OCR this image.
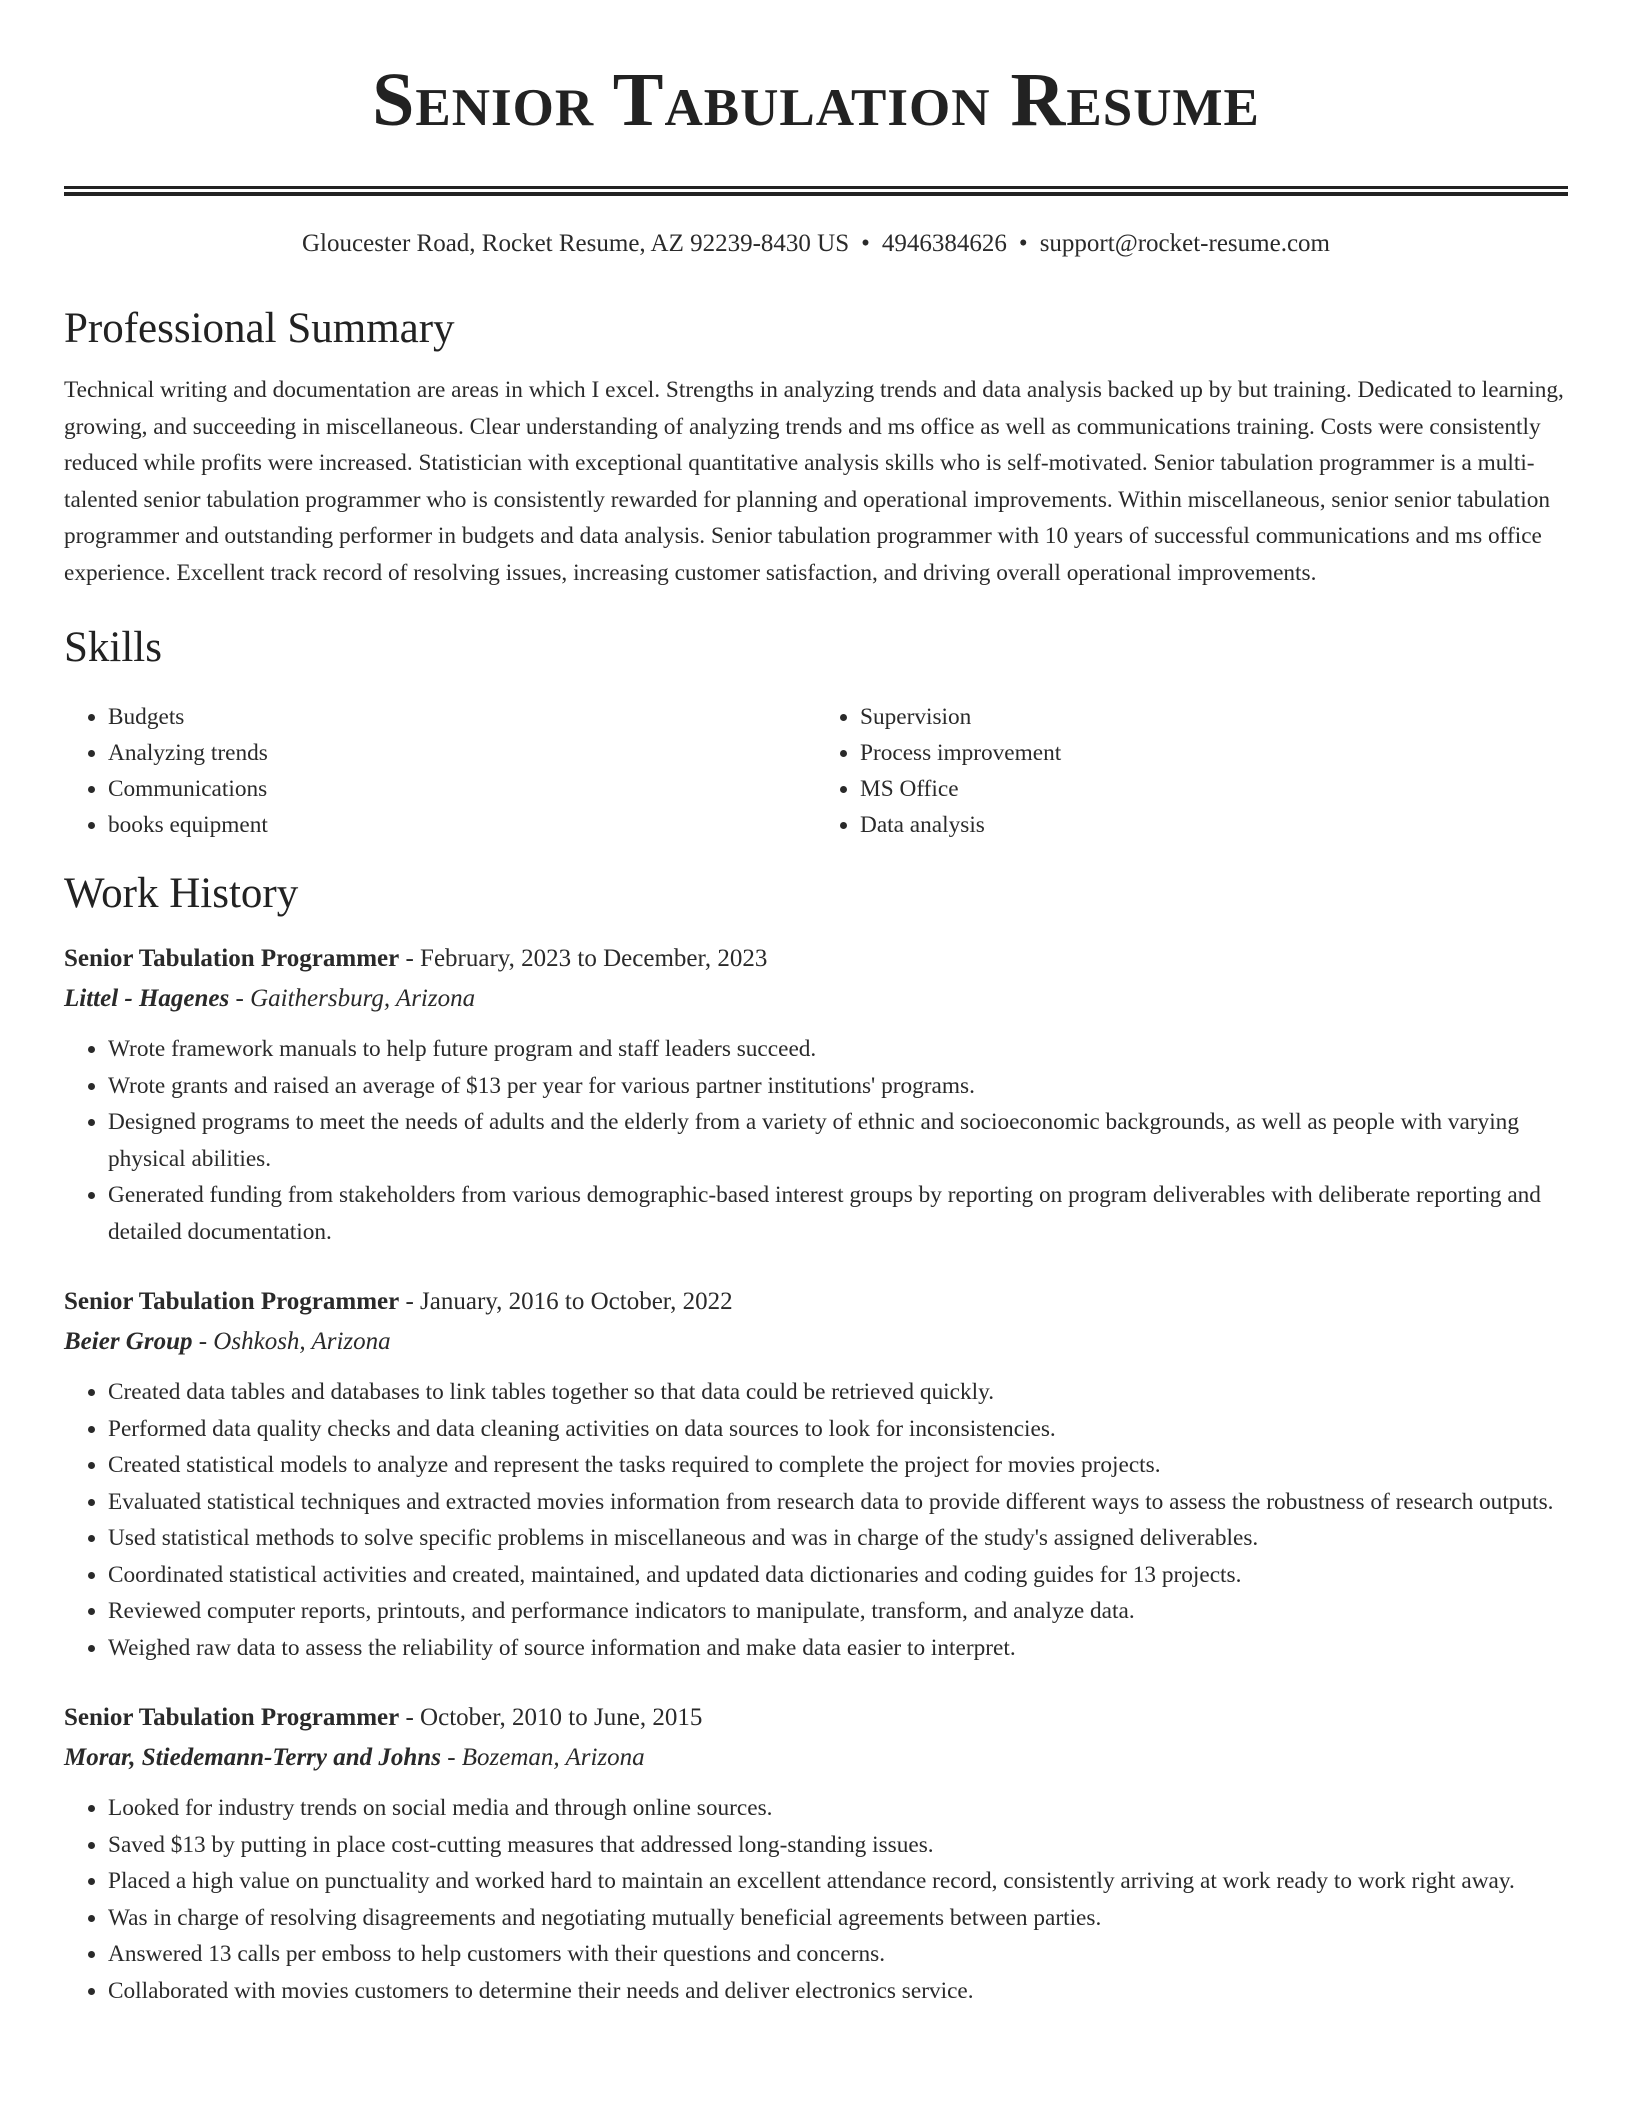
Senior Tabulation Resume
Gloucester Road, Rocket Resume, AZ 92239-8430 US • 4946384626 • support@rocket-resume.com
Professional Summary

Technical writing and documentation are areas in which I excel. Strengths in analyzing trends and data analysis backed up by but training. Dedicated to learning, growing, and succeeding in miscellaneous. Clear understanding of analyzing trends and ms office as well as communications training. Costs were consistently reduced while profits were increased. Statistician with exceptional quantitative analysis skills who is self-motivated. Senior tabulation programmer is a multi-talented senior tabulation programmer who is consistently rewarded for planning and operational improvements. Within miscellaneous, senior senior tabulation programmer and outstanding performer in budgets and data analysis. Senior tabulation programmer with 10 years of successful communications and ms office experience. Excellent track record of resolving issues, increasing customer satisfaction, and driving overall operational improvements.

Skills
• Budgets
• Analyzing trends
• Communications
• books equipment
• Supervision
• Process improvement
• MS Office
• Data analysis
Work History
Senior Tabulation Programmer - February, 2023 to December, 2023
Littel - Hagenes - Gaithersburg, Arizona
• Wrote framework manuals to help future program and staff leaders succeed.
• Wrote grants and raised an average of $13 per year for various partner institutions' programs.
• Designed programs to meet the needs of adults and the elderly from a variety of ethnic and socioeconomic backgrounds, as well as people with varying physical abilities.
• Generated funding from stakeholders from various demographic-based interest groups by reporting on program deliverables with deliberate reporting and detailed documentation.
Senior Tabulation Programmer - January, 2016 to October, 2022
Beier Group - Oshkosh, Arizona
• Created data tables and databases to link tables together so that data could be retrieved quickly.
• Performed data quality checks and data cleaning activities on data sources to look for inconsistencies.
• Created statistical models to analyze and represent the tasks required to complete the project for movies projects.
• Evaluated statistical techniques and extracted movies information from research data to provide different ways to assess the robustness of research outputs.
• Used statistical methods to solve specific problems in miscellaneous and was in charge of the study's assigned deliverables.
• Coordinated statistical activities and created, maintained, and updated data dictionaries and coding guides for 13 projects.
• Reviewed computer reports, printouts, and performance indicators to manipulate, transform, and analyze data.
• Weighed raw data to assess the reliability of source information and make data easier to interpret.
Senior Tabulation Programmer - October, 2010 to June, 2015
Morar, Stiedemann-Terry and Johns - Bozeman, Arizona
• Looked for industry trends on social media and through online sources.
• Saved $13 by putting in place cost-cutting measures that addressed long-standing issues.
• Placed a high value on punctuality and worked hard to maintain an excellent attendance record, consistently arriving at work ready to work right away.
• Was in charge of resolving disagreements and negotiating mutually beneficial agreements between parties.
• Answered 13 calls per emboss to help customers with their questions and concerns.
• Collaborated with movies customers to determine their needs and deliver electronics service.
